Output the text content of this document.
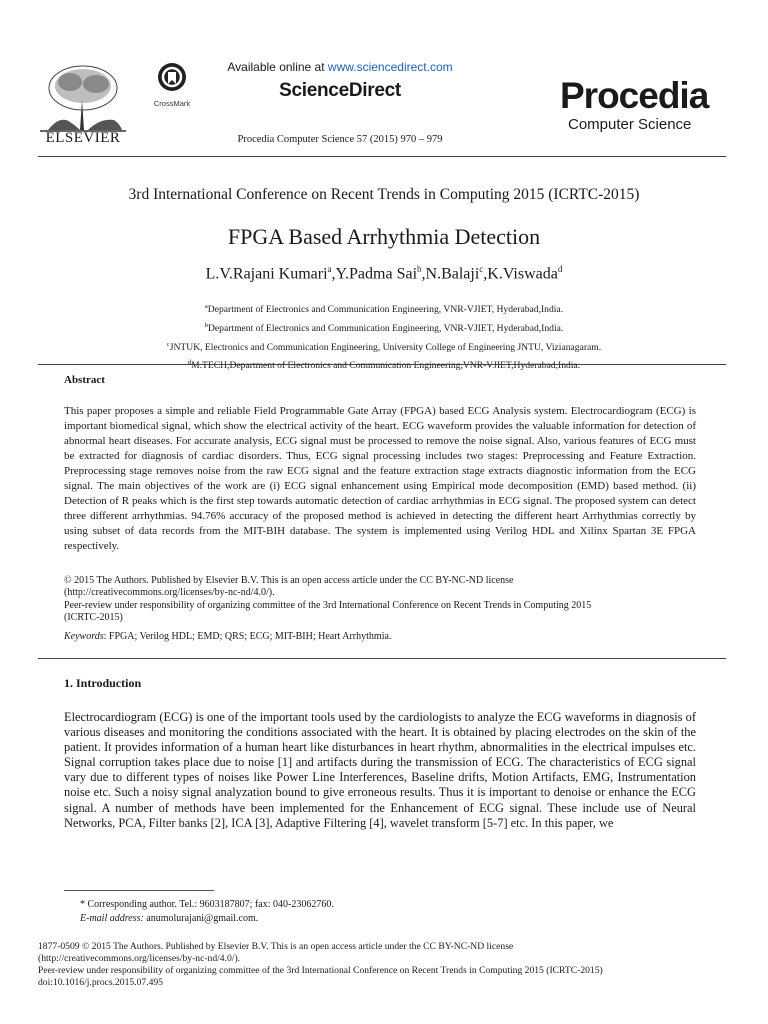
ELSEVIER
CrossMark
Available online at www.sciencedirect.com
ScienceDirect
Procedia Computer Science 57 (2015) 970 – 979
Procedia
Computer Science
3rd International Conference on Recent Trends in Computing 2015 (ICRTC-2015)
FPGA Based Arrhythmia Detection
L.V.Rajani Kumari$^a$,Y.Padma Sai$^b$,N.Balaji$^c$,K.Viswada$^d$
$^a$Department of Electronics and Communication Engineering, VNR-VJIET, Hyderabad,India.
$^b$Department of Electronics and Communication Engineering, VNR-VJIET, Hyderabad,India.
$^c$JNTUK, Electronics and Communication Engineering, University College of Engineering JNTU, Vizianagaram.
$^d$M.TECH,Department of Electronics and Communication Engineering,VNR-VJIET,Hyderabad,India.
Abstract
This paper proposes a simple and reliable Field Programmable Gate Array (FPGA) based ECG Analysis system. Electrocardiogram (ECG) is important biomedical signal, which show the electrical activity of the heart. ECG waveform provides the valuable information for detection of abnormal heart diseases. For accurate analysis, ECG signal must be processed to remove the noise signal. Also, various features of ECG must be extracted for diagnosis of cardiac disorders. Thus, ECG signal processing includes two stages: Preprocessing and Feature Extraction. Preprocessing stage removes noise from the raw ECG signal and the feature extraction stage extracts diagnostic information from the ECG signal. The main objectives of the work are (i) ECG signal enhancement using Empirical mode decomposition (EMD) based method. (ii) Detection of R peaks which is the first step towards automatic detection of cardiac arrhythmias in ECG signal. The proposed system can detect three different arrhythmias. 94.76% accuracy of the proposed method is achieved in detecting the different heart Arrhythmias correctly by using subset of data records from the MIT-BIH database. The system is implemented using Verilog HDL and Xilinx Spartan 3E FPGA respectively.
© 2015 The Authors. Published by Elsevier B.V. This is an open access article under the CC BY-NC-ND license
(http://creativecommons.org/licenses/by-nc-nd/4.0/).
Peer-review under responsibility of organizing committee of the 3rd International Conference on Recent Trends in Computing 2015
(ICRTC-2015)
Keywords: FPGA; Verilog HDL; EMD; QRS; ECG; MIT-BIH; Heart Arrhythmia.
1. Introduction
Electrocardiogram (ECG) is one of the important tools used by the cardiologists to analyze the ECG waveforms in diagnosis of various diseases and monitoring the conditions associated with the heart. It is obtained by placing electrodes on the skin of the patient. It provides information of a human heart like disturbances in heart rhythm, abnormalities in the electrical impulses etc. Signal corruption takes place due to noise [1] and artifacts during the transmission of ECG. The characteristics of ECG signal vary due to different types of noises like Power Line Interferences, Baseline drifts, Motion Artifacts, EMG, Instrumentation noise etc. Such a noisy signal analyzation bound to give erroneous results. Thus it is important to denoise or enhance the ECG signal. A number of methods have been implemented for the Enhancement of ECG signal. These include use of Neural Networks, PCA, Filter banks [2], ICA [3], Adaptive Filtering [4], wavelet transform [5-7] etc. In this paper, we
* Corresponding author. Tel.: 9603187807; fax: 040-23062760.
E-mail address: anumolurajani@gmail.com.
1877-0509 © 2015 The Authors. Published by Elsevier B.V. This is an open access article under the CC BY-NC-ND license
(http://creativecommons.org/licenses/by-nc-nd/4.0/).
Peer-review under responsibility of organizing committee of the 3rd International Conference on Recent Trends in Computing 2015 (ICRTC-2015)
doi:10.1016/j.procs.2015.07.495
